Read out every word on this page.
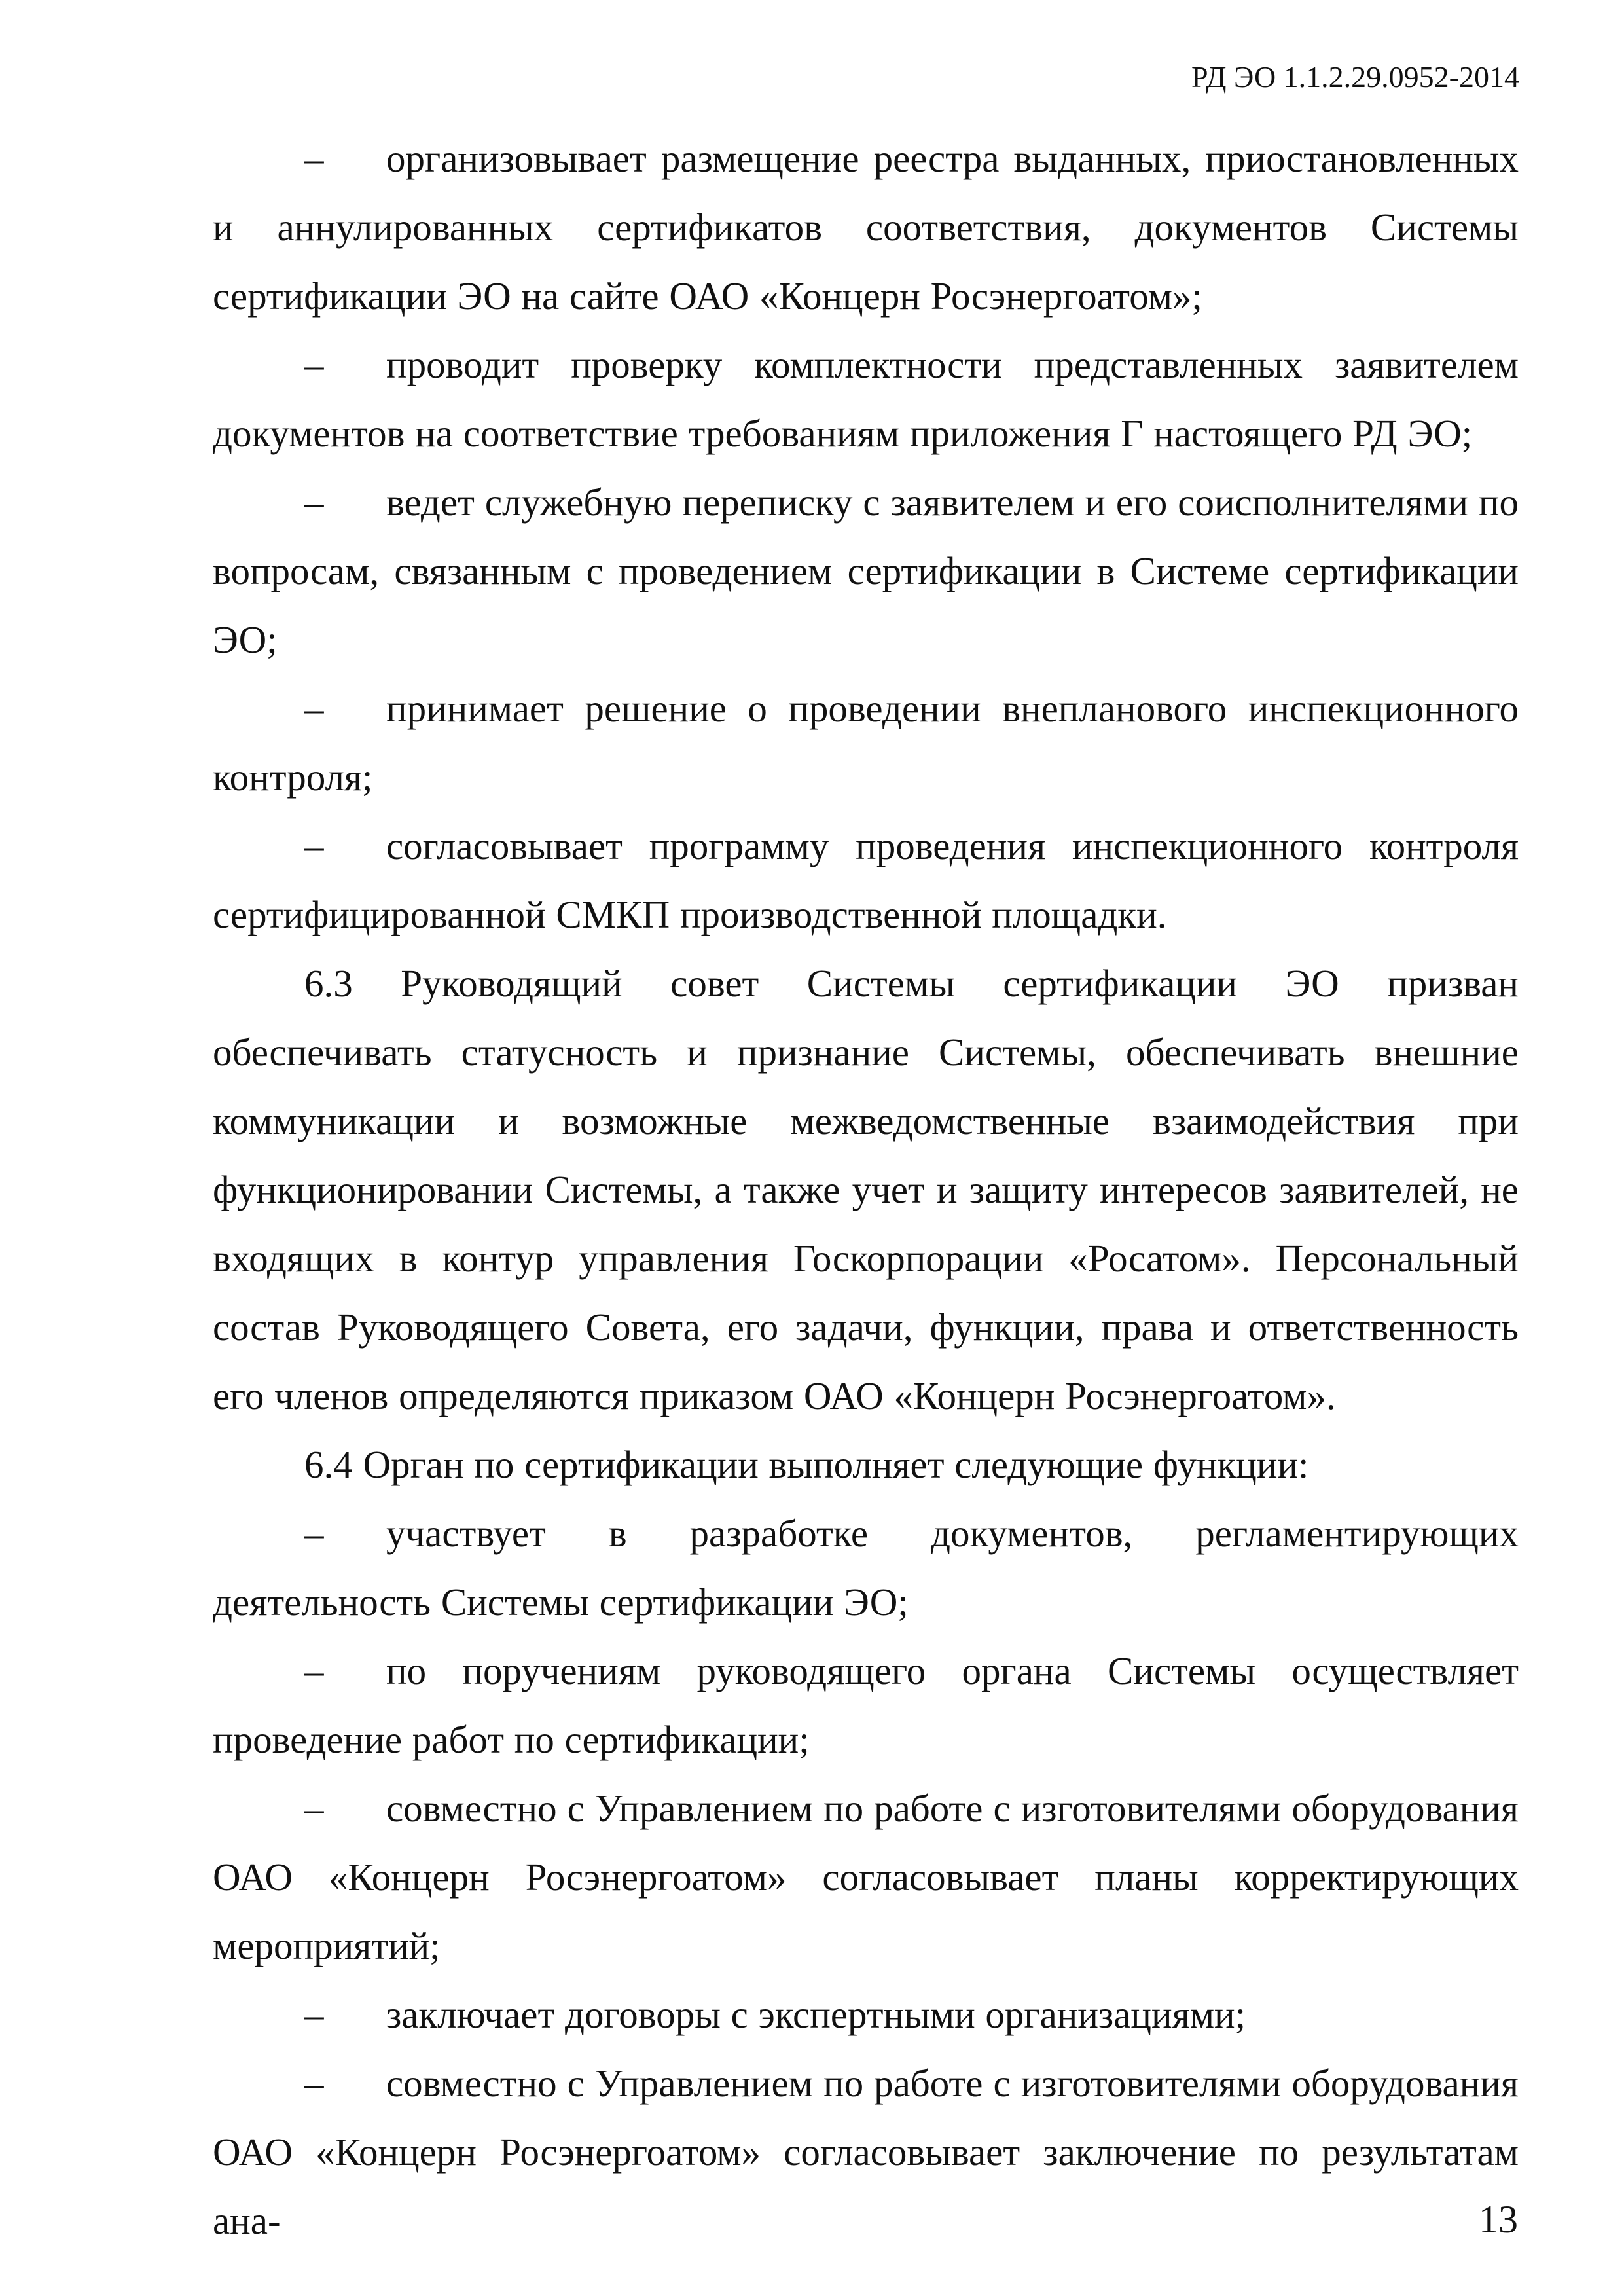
РД ЭО 1.1.2.29.0952-2014

– организовывает размещение реестра выданных, приостановленных и аннулированных сертификатов соответствия, документов Системы сертификации ЭО на сайте ОАО «Концерн Росэнергоатом»;

– проводит проверку комплектности представленных заявителем документов на соответствие требованиям приложения Г настоящего РД ЭО;

– ведет служебную переписку с заявителем и его соисполнителями по вопросам, связанным с проведением сертификации в Системе сертификации ЭО;

– принимает решение о проведении внепланового инспекционного контроля;

– согласовывает программу проведения инспекционного контроля сертифицированной СМКП производственной площадки.

6.3 Руководящий совет Системы сертификации ЭО призван обеспечивать статусность и признание Системы, обеспечивать внешние коммуникации и возможные межведомственные взаимодействия при функционировании Системы, а также учет и защиту интересов заявителей, не входящих в контур управления Госкорпорации «Росатом». Персональный состав Руководящего Совета, его задачи, функции, права и ответственность его членов определяются приказом ОАО «Концерн Росэнергоатом».

6.4 Орган по сертификации выполняет следующие функции:

– участвует в разработке документов, регламентирующих деятельность Системы сертификации ЭО;

– по поручениям руководящего органа Системы осуществляет проведение работ по сертификации;

– совместно с Управлением по работе с изготовителями оборудования ОАО «Концерн Росэнергоатом» согласовывает планы корректирующих мероприятий;

– заключает договоры с экспертными организациями;

– совместно с Управлением по работе с изготовителями оборудования ОАО «Концерн Росэнергоатом» согласовывает заключение по результатам ана-	13
